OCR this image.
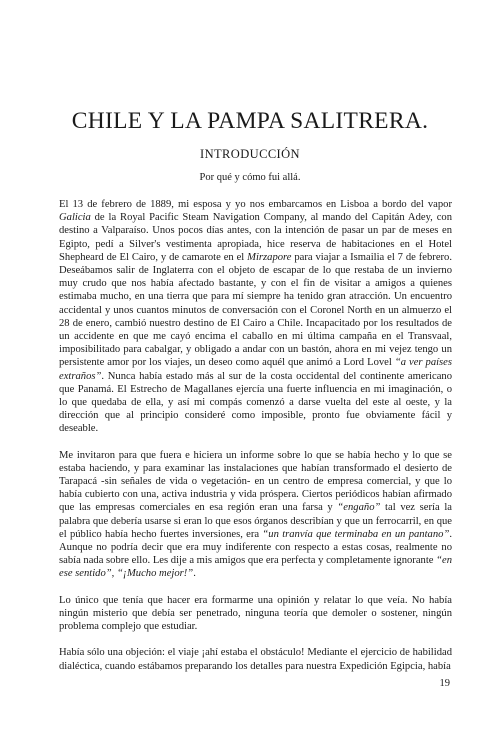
CHILE Y LA PAMPA SALITRERA.
INTRODUCCIÓN

Por qué y cómo fui allá.

El 13 de febrero de 1889, mi esposa y yo nos embarcamos en Lisboa a bordo del vapor Galicia de la Royal Pacific Steam Navigation Company, al mando del Capitán Adey, con destino a Valparaíso. Unos pocos días antes, con la intención de pasar un par de meses en Egipto, pedí a Silver's vestimenta apropiada, hice reserva de habitaciones en el Hotel Shepheard de El Cairo, y de camarote en el Mirzapore para viajar a Ismailia el 7 de febrero. Deseábamos salir de Inglaterra con el objeto de escapar de lo que restaba de un invierno muy crudo que nos había afectado bastante, y con el fin de visitar a amigos a quienes estimaba mucho, en una tierra que para mí siempre ha tenido gran atracción. Un encuentro accidental y unos cuantos minutos de conversación con el Coronel North en un almuerzo el 28 de enero, cambió nuestro destino de El Cairo a Chile. Incapacitado por los resultados de un accidente en que me cayó encima el caballo en mi última campaña en el Transvaal, imposibilitado para cabalgar, y obligado a andar con un bastón, ahora en mi vejez tengo un persistente amor por los viajes, un deseo como aquél que animó a Lord Lovel “a ver países extraños”. Nunca había estado más al sur de la costa occidental del continente americano que Panamá. El Estrecho de Magallanes ejercía una fuerte influencia en mi imaginación, o lo que quedaba de ella, y así mi compás comenzó a darse vuelta del este al oeste, y la dirección que al principio consideré como imposible, pronto fue obviamente fácil y deseable.

Me invitaron para que fuera e hiciera un informe sobre lo que se había hecho y lo que se estaba haciendo, y para examinar las instalaciones que habían transformado el desierto de Tarapacá -sin señales de vida o vegetación- en un centro de empresa comercial, y que lo había cubierto con una, activa industria y vida próspera. Ciertos periódicos habían afirmado que las empresas comerciales en esa región eran una farsa y “engaño” tal vez sería la palabra que debería usarse si eran lo que esos órganos describían y que un ferrocarril, en que el público había hecho fuertes inversiones, era “un tranvía que terminaba en un pantano”. Aunque no podría decir que era muy indiferente con respecto a estas cosas, realmente no sabía nada sobre ello. Les dije a mis amigos que era perfecta y completamente ignorante “en ese sentido”, “¡Mucho mejor!”.

Lo único que tenía que hacer era formarme una opinión y relatar lo que veía. No había ningún misterio que debía ser penetrado, ninguna teoría que demoler o sostener, ningún problema complejo que estudiar.

Había sólo una objeción: el viaje ¡ahí estaba el obstáculo! Mediante el ejercicio de habilidad dialéctica, cuando estábamos preparando los detalles para nuestra Expedición Egipcia, había

19
